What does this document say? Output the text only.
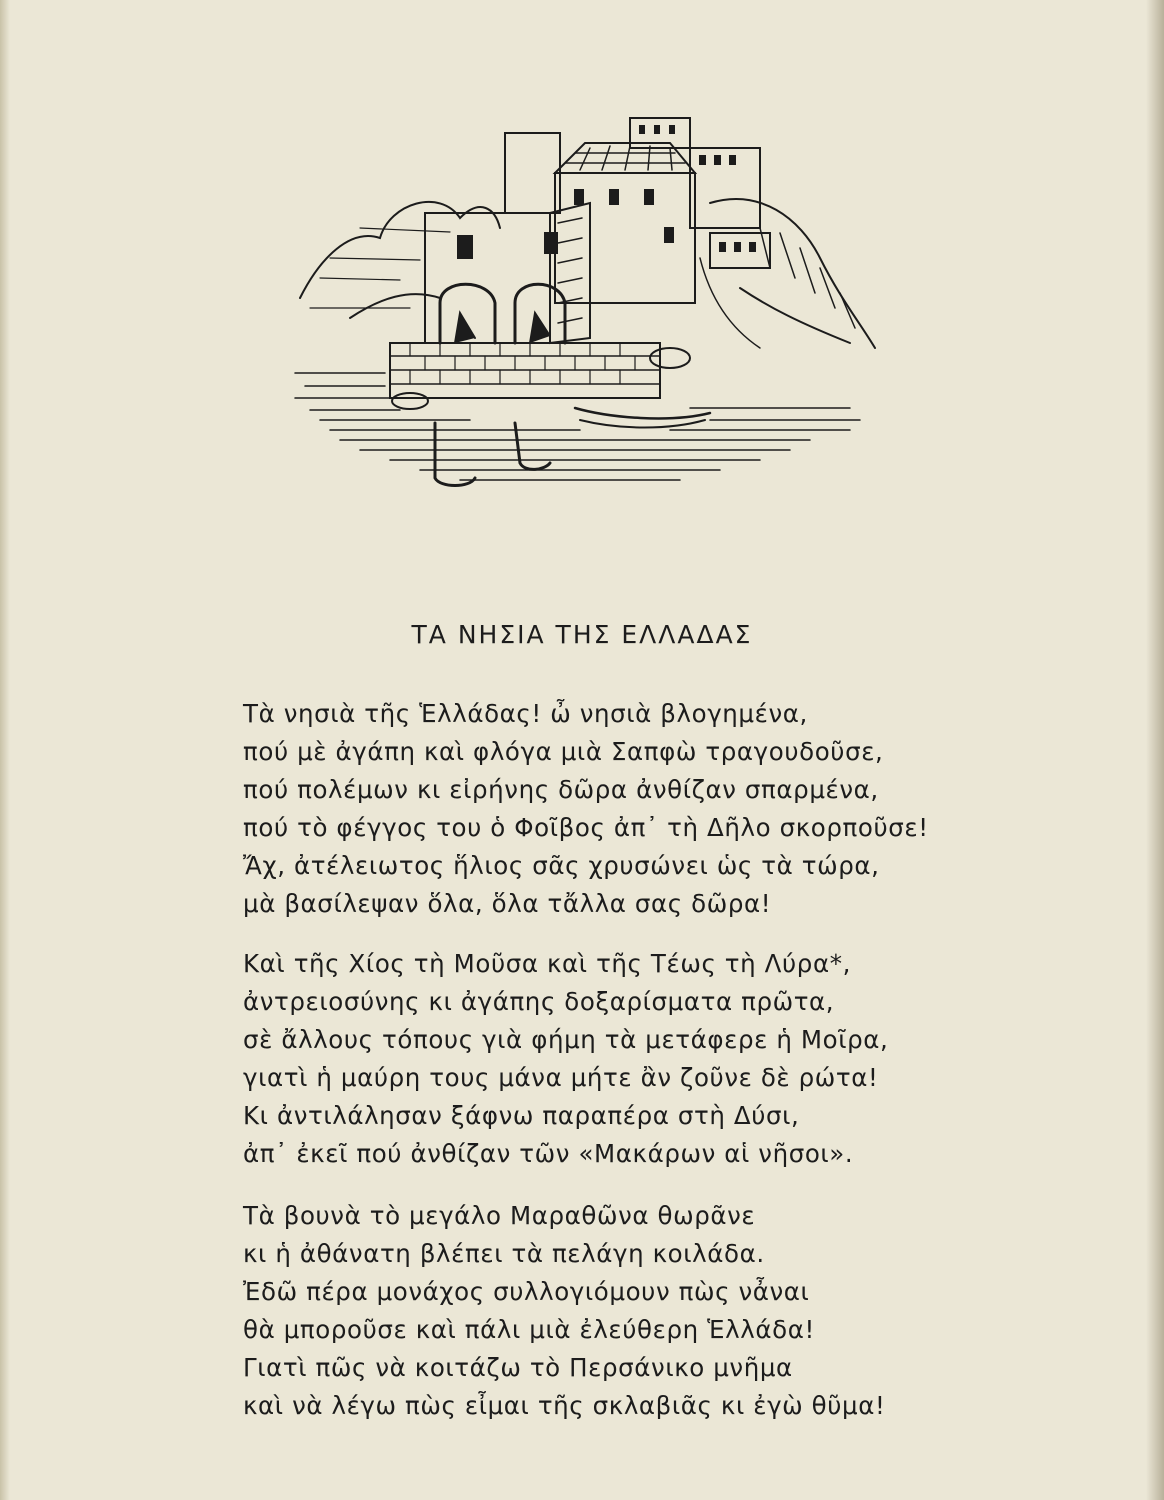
ΤΑ ΝΗΣΙΑ ΤΗΣ ΕΛΛΑΔΑΣ
Τὰ νησιὰ τῆς Ἑλλάδας! ὦ νησιὰ βλογημένα,
πού μὲ ἀγάπη καὶ φλόγα μιὰ Σαπφὼ τραγουδοῦσε,
πού πολέμων κι εἰρήνης δῶρα ἀνθίζαν σπαρμένα,
πού τὸ φέγγος του ὁ Φοῖβος ἀπ᾽ τὴ Δῆλο σκορποῦσε!
Ἄχ, ἀτέλειωτος ἥλιος σᾶς χρυσώνει ὡς τὰ τώρα,
μὰ βασίλεψαν ὅλα, ὅλα τἄλλα σας δῶρα!
Καὶ τῆς Χίος τὴ Μοῦσα καὶ τῆς Τέως τὴ Λύρα*,
ἀντρειοσύνης κι ἀγάπης δοξαρίσματα πρῶτα,
σὲ ἄλλους τόπους γιὰ φήμη τὰ μετάφερε ἡ Μοῖρα,
γιατὶ ἡ μαύρη τους μάνα μήτε ἂν ζοῦνε δὲ ρώτα!
Κι ἀντιλάλησαν ξάφνω παραπέρα στὴ Δύσι,
ἀπ᾽ ἐκεῖ πού ἀνθίζαν τῶν «Μακάρων αἱ νῆσοι».
Τὰ βουνὰ τὸ μεγάλο Μαραθῶνα θωρᾶνε
κι ἡ ἀθάνατη βλέπει τὰ πελάγη κοιλάδα.
Ἐδῶ πέρα μονάχος συλλογιόμουν πὼς νἆναι
θὰ μποροῦσε καὶ πάλι μιὰ ἐλεύθερη Ἑλλάδα!
Γιατὶ πῶς νὰ κοιτάζω τὸ Περσάνικο μνῆμα
καὶ νὰ λέγω πὼς εἶμαι τῆς σκλαβιᾶς κι ἐγὼ θῦμα!
